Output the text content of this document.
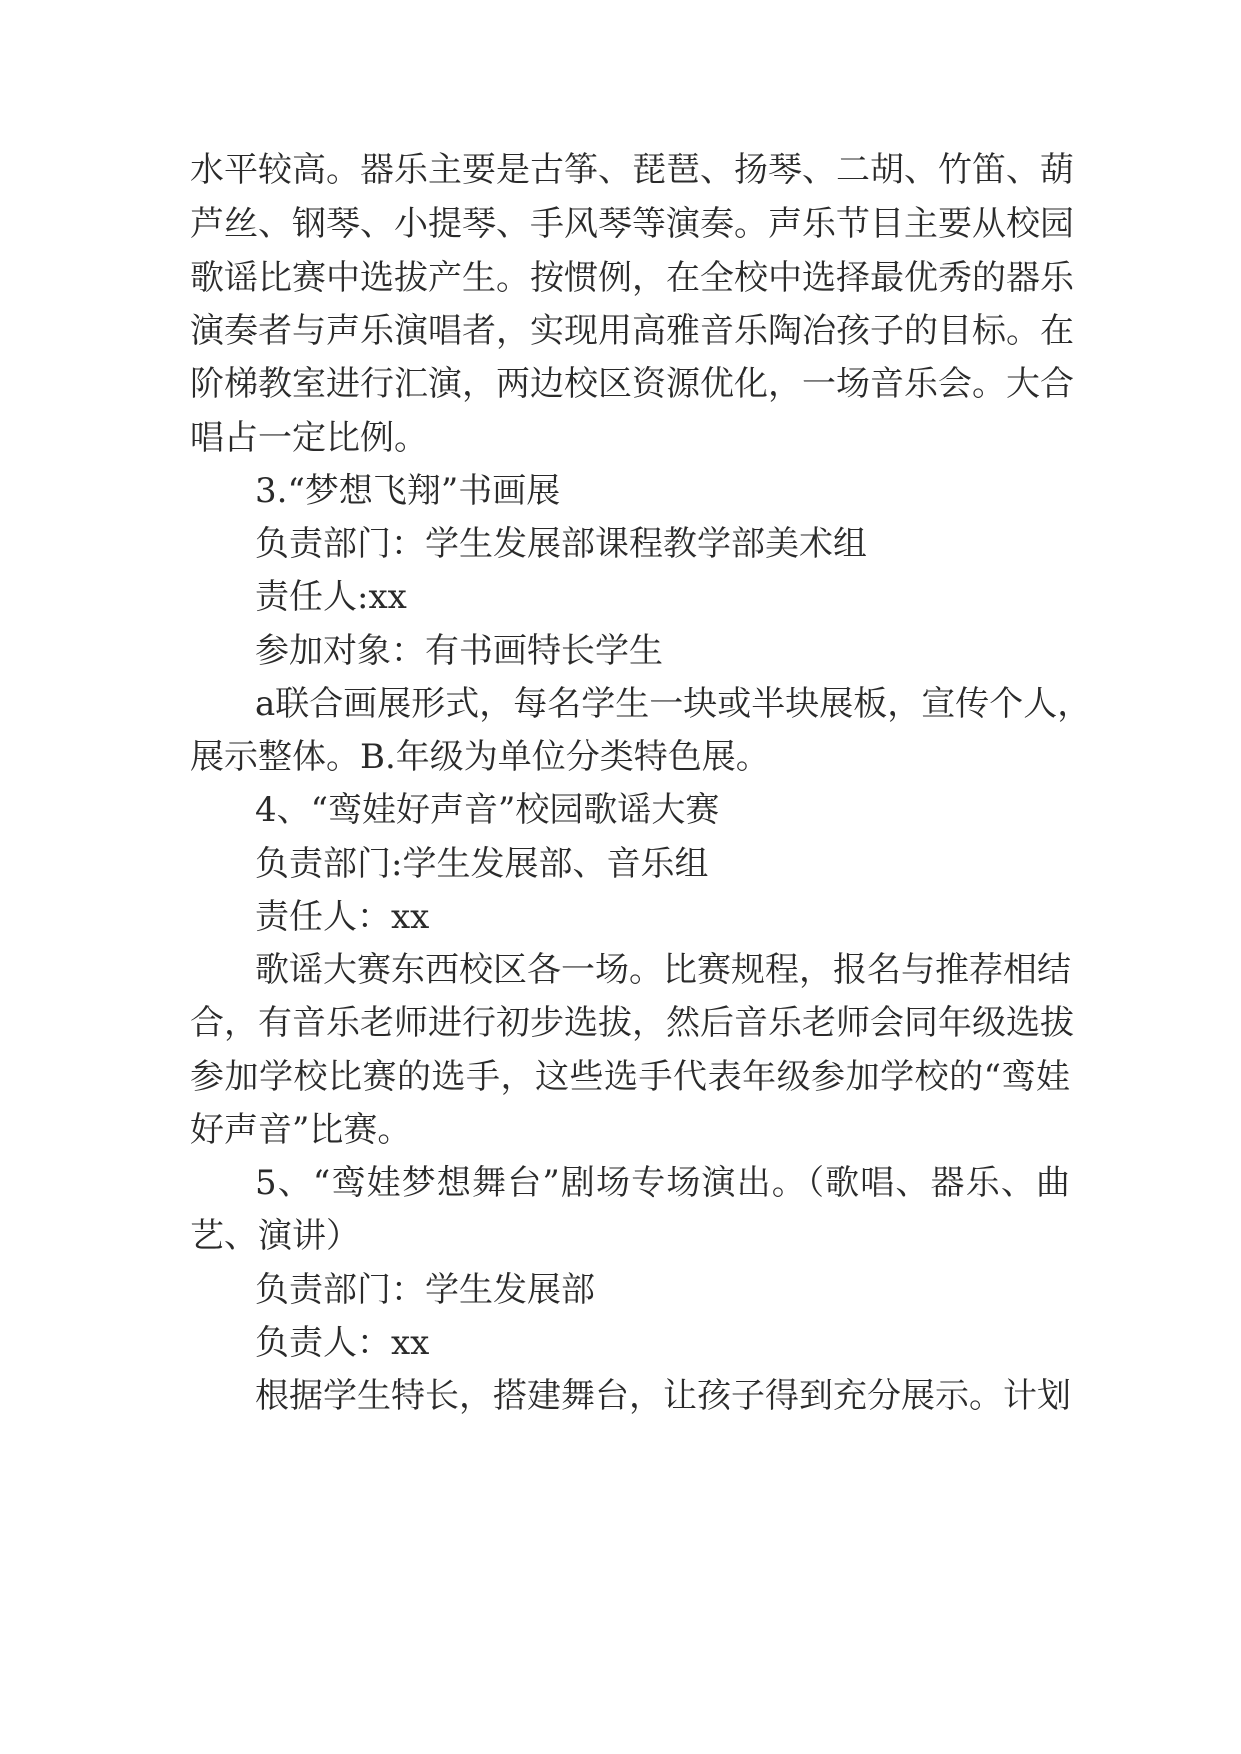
水平较高。器乐主要是古筝、琵琶、扬琴、二胡、竹笛、葫
芦丝、钢琴、小提琴、手风琴等演奏。声乐节目主要从校园
歌谣比赛中选拔产生。按惯例，在全校中选择最优秀的器乐
演奏者与声乐演唱者，实现用高雅音乐陶冶孩子的目标。在
阶梯教室进行汇演，两边校区资源优化，一场音乐会。大合
唱占一定比例。
3.“梦想飞翔”书画展
负责部门：学生发展部课程教学部美术组
责任人:xx
参加对象：有书画特长学生
a联合画展形式，每名学生一块或半块展板，宣传个人，
展示整体。B.年级为单位分类特色展。
4、“鸾娃好声音”校园歌谣大赛
负责部门:学生发展部、音乐组
责任人：xx
歌谣大赛东西校区各一场。比赛规程，报名与推荐相结
合，有音乐老师进行初步选拔，然后音乐老师会同年级选拔
参加学校比赛的选手，这些选手代表年级参加学校的“鸾娃
好声音”比赛。
5、“鸾娃梦想舞台”剧场专场演出。（歌唱、器乐、曲
艺、演讲）
负责部门：学生发展部
负责人：xx
根据学生特长，搭建舞台，让孩子得到充分展示。计划
